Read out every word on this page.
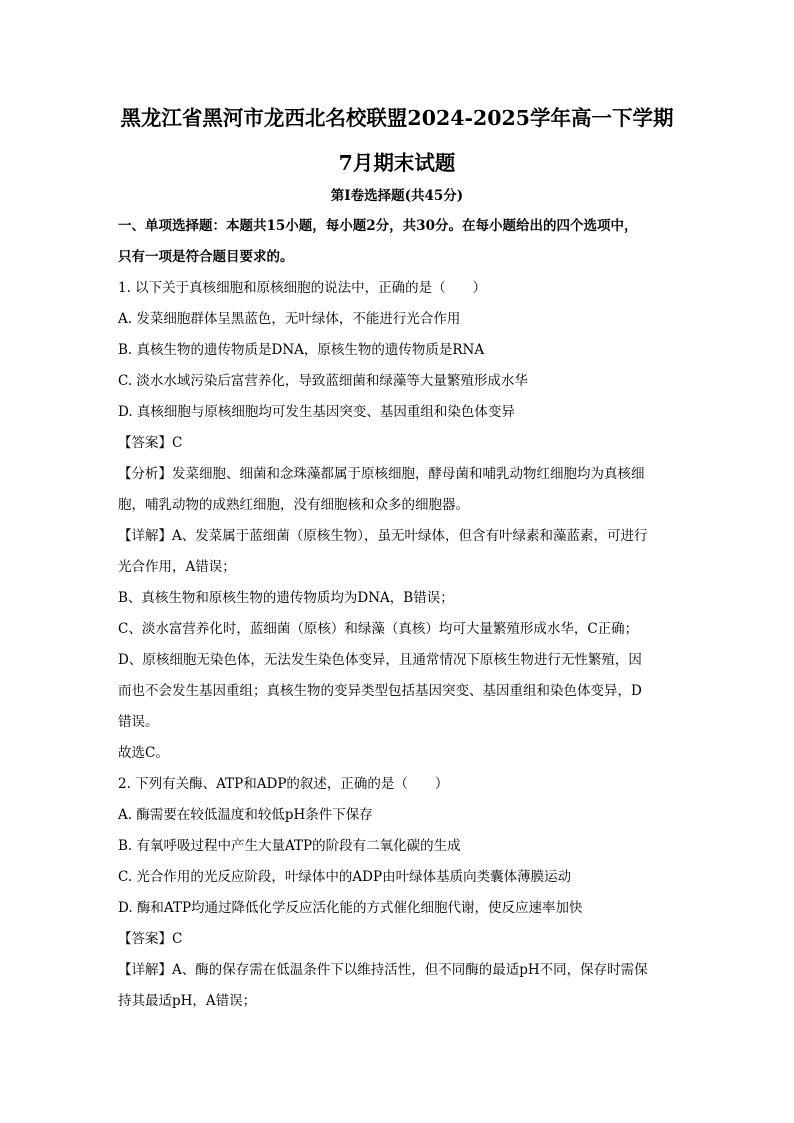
黑龙江省黑河市龙西北名校联盟2024-2025学年高一下学期
7月期末试题
第I卷选择题(共45分)
一、单项选择题：本题共15小题，每小题2分，共30分。在每小题给出的四个选项中，
只有一项是符合题目要求的。
1. 以下关于真核细胞和原核细胞的说法中，正确的是（　　）
A. 发菜细胞群体呈黑蓝色，无叶绿体，不能进行光合作用
B. 真核生物的遗传物质是DNA，原核生物的遗传物质是RNA
C. 淡水水域污染后富营养化，导致蓝细菌和绿藻等大量繁殖形成水华
D. 真核细胞与原核细胞均可发生基因突变、基因重组和染色体变异
【答案】C
【分析】发菜细胞、细菌和念珠藻都属于原核细胞，酵母菌和哺乳动物红细胞均为真核细
胞，哺乳动物的成熟红细胞，没有细胞核和众多的细胞器。
【详解】A、发菜属于蓝细菌（原核生物），虽无叶绿体，但含有叶绿素和藻蓝素，可进行
光合作用，A错误；
B、真核生物和原核生物的遗传物质均为DNA，B错误；
C、淡水富营养化时，蓝细菌（原核）和绿藻（真核）均可大量繁殖形成水华，C正确；
D、原核细胞无染色体，无法发生染色体变异，且通常情况下原核生物进行无性繁殖，因
而也不会发生基因重组；真核生物的变异类型包括基因突变、基因重组和染色体变异，D
错误。
故选C。
2. 下列有关酶、ATP和ADP的叙述，正确的是（　　）
A. 酶需要在较低温度和较低pH条件下保存
B. 有氧呼吸过程中产生大量ATP的阶段有二氧化碳的生成
C. 光合作用的光反应阶段，叶绿体中的ADP由叶绿体基质向类囊体薄膜运动
D. 酶和ATP均通过降低化学反应活化能的方式催化细胞代谢，使反应速率加快
【答案】C
【详解】A、酶的保存需在低温条件下以维持活性，但不同酶的最适pH不同，保存时需保
持其最适pH，A错误；
